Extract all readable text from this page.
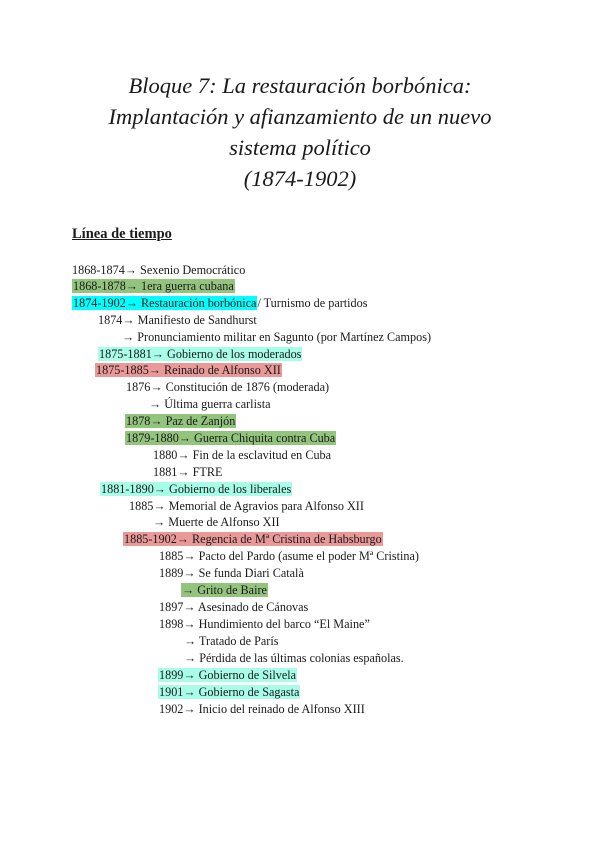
Bloque 7: La restauración borbónica:
Implantación y afianzamiento de un nuevo
sistema político
(1874-1902)
Línea de tiempo
1868-1874→ Sexenio Democrático
1868-1878→ 1era guerra cubana
1874-1902→ Restauración borbónica/ Turnismo de partidos
1874→ Manifiesto de Sandhurst
→ Pronunciamiento militar en Sagunto (por Martínez Campos)
1875-1881→ Gobierno de los moderados
1875-1885→ Reinado de Alfonso XII
1876→ Constitución de 1876 (moderada)
→ Última guerra carlista
1878→ Paz de Zanjón
1879-1880→ Guerra Chiquita contra Cuba
1880→ Fin de la esclavitud en Cuba
1881→ FTRE
1881-1890→ Gobierno de los liberales
1885→ Memorial de Agravios para Alfonso XII
→ Muerte de Alfonso XII
1885-1902→ Regencia de Mª Cristina de Habsburgo
1885→ Pacto del Pardo (asume el poder Mª Cristina)
1889→ Se funda Diari Català
→ Grito de Baire
1897→ Asesinado de Cánovas
1898→ Hundimiento del barco “El Maine”
→ Tratado de París
→ Pérdida de las últimas colonias españolas.
1899→ Gobierno de Silvela
1901→ Gobierno de Sagasta
1902→ Inicio del reinado de Alfonso XIII
